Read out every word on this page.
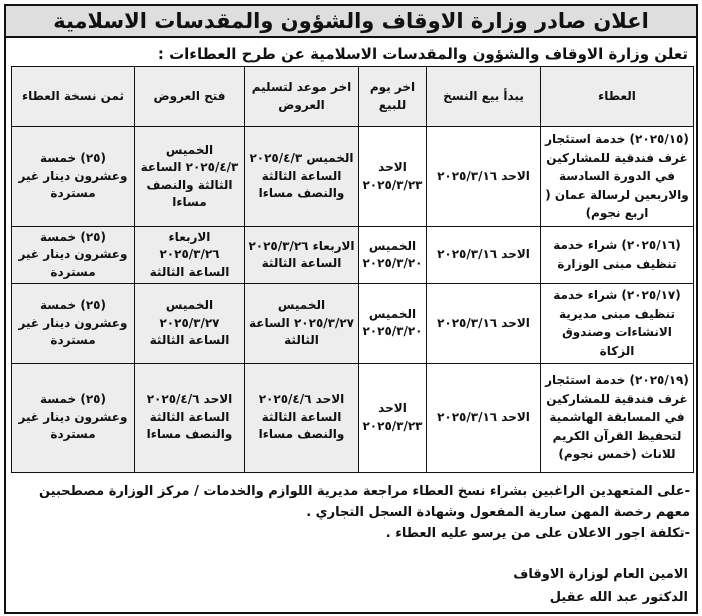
اعلان صادر وزارة الاوقاف والشؤون والمقدسات الاسلامية
تعلن وزارة الاوقاف والشؤون والمقدسات الاسلامية عن طرح العطاءات :
العطاء	يبدأ بيع النسخ	اخر يوم للبيع	اخر موعد لتسليم العروض	فتح العروض	ثمن نسخة العطاء
(٢٠٢٥/١٥) خدمة استئجار غرف فندقية للمشاركين في الدورة السادسة والاربعين لرسالة عمان ( اربع نجوم)	الاحد ٢٠٢٥/٣/١٦	الاحد ٢٠٢٥/٣/٢٣	الخميس ٢٠٢٥/٤/٣ الساعة الثالثة والنصف مساءا	الخميس ٢٠٢٥/٤/٣ الساعة الثالثة والنصف مساءا	(٢٥) خمسة وعشرون دينار غير مستردة
(٢٠٢٥/١٦) شراء خدمة تنظيف مبنى الوزارة	الاحد ٢٠٢٥/٣/١٦	الخميس ٢٠٢٥/٣/٢٠	الاربعاء ٢٠٢٥/٣/٢٦ الساعة الثالثة	الاربعاء ٢٠٢٥/٣/٢٦ الساعة الثالثة	(٢٥) خمسة وعشرون دينار غير مستردة
(٢٠٢٥/١٧) شراء خدمة تنظيف مبنى مديرية الانشاءات وصندوق الزكاة	الاحد ٢٠٢٥/٣/١٦	الخميس ٢٠٢٥/٣/٢٠	الخميس ٢٠٢٥/٣/٢٧ الساعة الثالثة	الخميس ٢٠٢٥/٣/٢٧ الساعة الثالثة	(٢٥) خمسة وعشرون دينار غير مستردة
(٢٠٢٥/١٩) خدمة استئجار غرف فندقية للمشاركين في المسابقة الهاشمية لتحفيظ القرآن الكريم للاناث (خمس نجوم)	الاحد ٢٠٢٥/٣/١٦	الاحد ٢٠٢٥/٣/٢٣	الاحد ٢٠٢٥/٤/٦ الساعة الثالثة والنصف مساءا	الاحد ٢٠٢٥/٤/٦ الساعة الثالثة والنصف مساءا	(٢٥) خمسة وعشرون دينار غير مستردة
-على المتعهدين الراغبين بشراء نسخ العطاء مراجعة مديرية اللوازم والخدمات / مركز الوزارة مصطحبين معهم رخصة المهن سارية المفعول وشهادة السجل التجاري .
-تكلفة اجور الاعلان على من يرسو عليه العطاء .
الامين العام لوزارة الاوقاف
الدكتور عبد الله عقيل
